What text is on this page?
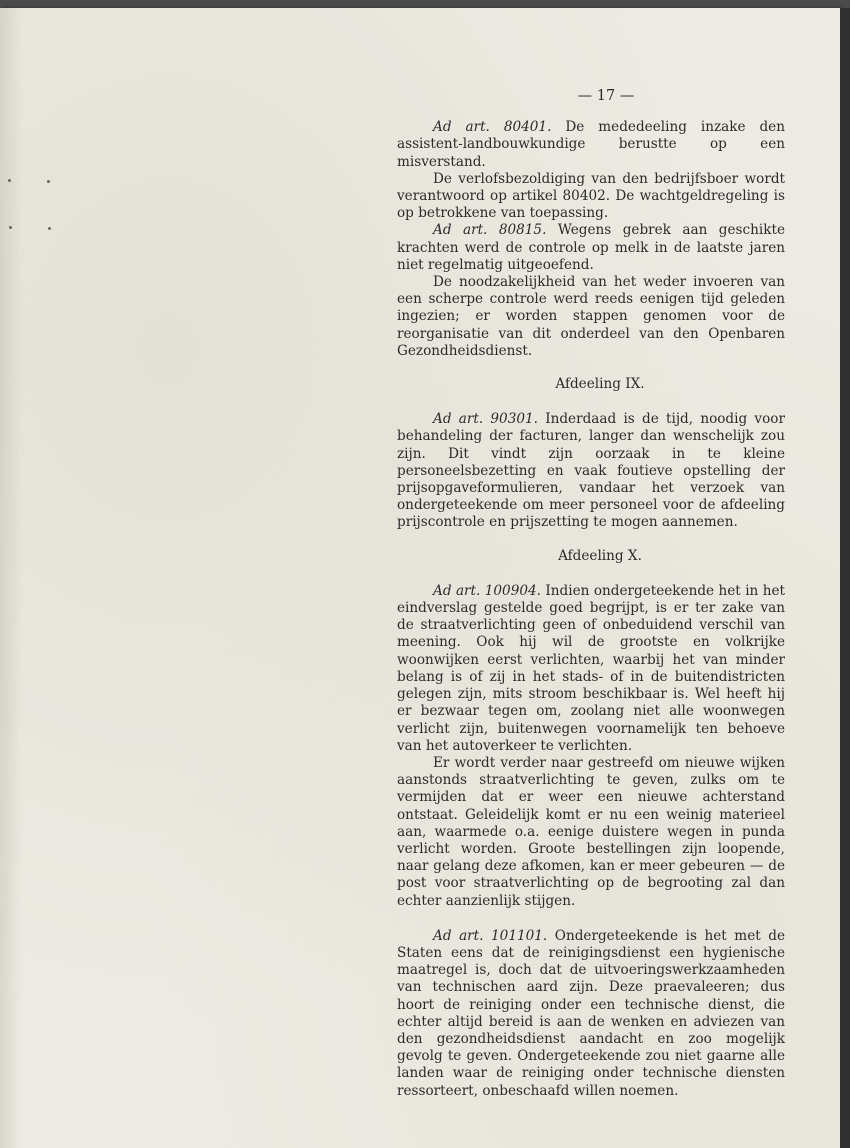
— 17 —

Ad art. 80401. De mededeeling inzake den assistent-landbouwkundige berustte op een misverstand.

De verlofsbezoldiging van den bedrijfsboer wordt verantwoord op artikel 80402. De wachtgeldregeling is op betrokkene van toepassing.

Ad art. 80815. Wegens gebrek aan geschikte krachten werd de controle op melk in de laatste jaren niet regelmatig uitgeoefend.

De noodzakelijkheid van het weder invoeren van een scherpe controle werd reeds eenigen tijd geleden ingezien; er worden stappen genomen voor de reorganisatie van dit onderdeel van den Openbaren Gezondheidsdienst.

Afdeeling IX.

Ad art. 90301. Inderdaad is de tijd, noodig voor behandeling der facturen, langer dan wenschelijk zou zijn. Dit vindt zijn oorzaak in te kleine personeelsbezetting en vaak foutieve opstelling der prijsopgaveformulieren, vandaar het verzoek van ondergeteekende om meer personeel voor de afdeeling prijscontrole en prijszetting te mogen aannemen.

Afdeeling X.

Ad art. 100904. Indien ondergeteekende het in het eindverslag gestelde goed begrijpt, is er ter zake van de straatverlichting geen of onbeduidend verschil van meening. Ook hij wil de grootste en volkrijke woonwijken eerst verlichten, waarbij het van minder belang is of zij in het stads- of in de buitendistricten gelegen zijn, mits stroom beschikbaar is. Wel heeft hij er bezwaar tegen om, zoolang niet alle woonwegen verlicht zijn, buitenwegen voornamelijk ten behoeve van het autoverkeer te verlichten.

Er wordt verder naar gestreefd om nieuwe wijken aanstonds straatverlichting te geven, zulks om te vermijden dat er weer een nieuwe achterstand ontstaat. Geleidelijk komt er nu een weinig materieel aan, waarmede o.a. eenige duistere wegen in punda verlicht worden. Groote bestellingen zijn loopende, naar gelang deze afkomen, kan er meer gebeuren — de post voor straatverlichting op de begrooting zal dan echter aanzienlijk stijgen.

Ad art. 101101. Ondergeteekende is het met de Staten eens dat de reinigingsdienst een hygienische maatregel is, doch dat de uitvoeringswerkzaamheden van technischen aard zijn. Deze praevaleeren; dus hoort de reiniging onder een technische dienst, die echter altijd bereid is aan de wenken en adviezen van den gezondheidsdienst aandacht en zoo mogelijk gevolg te geven. Ondergeteekende zou niet gaarne alle landen waar de reiniging onder technische diensten ressorteert, onbeschaafd willen noemen.
